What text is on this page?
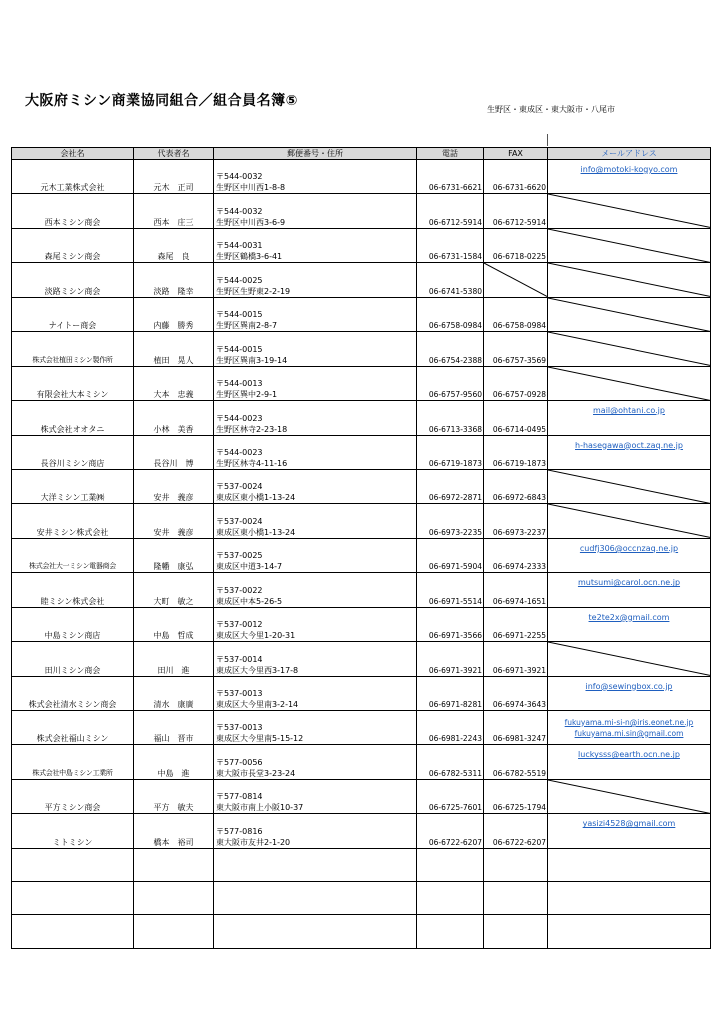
大阪府ミシン商業協同組合／組合員名簿⑤
生野区・東成区・東大阪市・八尾市
会社名	代表者名	郵便番号・住所	電話	FAX	メールアドレス
元木工業株式会社	元木　正司	〒544-0032
生野区中川西1-8-8	06-6731-6621	06-6731-6620	info@motoki-kogyo.com

西本ミシン商会	西本　庄三	〒544-0032
生野区中川西3-6-9	06-6712-5914	06-6712-5914	

森尾ミシン商会	森尾　良	〒544-0031
生野区鶴橋3-6-41	06-6731-1584	06-6718-0225	

淡路ミシン商会	淡路　隆幸	〒544-0025
生野区生野東2-2-19	06-6741-5380	

ナイトー商会	内藤　勝秀	〒544-0015
生野区巽南2-8-7	06-6758-0984	06-6758-0984	

株式会社植田ミシン製作所	植田　晃人	〒544-0015
生野区巽南3-19-14	06-6754-2388	06-6757-3569	

有限会社大本ミシン	大本　忠義	〒544-0013
生野区巽中2-9-1	06-6757-9560	06-6757-0928	

株式会社オオタニ	小林　美香	〒544-0023
生野区林寺2-23-18	06-6713-3368	06-6714-0495	mail@ohtani.co.jp

長谷川ミシン商店	長谷川　博	〒544-0023
生野区林寺4-11-16	06-6719-1873	06-6719-1873	h-hasegawa@oct.zaq.ne.jp

大洋ミシン工業㈱	安井　義彦	〒537-0024
東成区東小橋1-13-24	06-6972-2871	06-6972-6843	

安井ミシン株式会社	安井　義彦	〒537-0024
東成区東小橋1-13-24	06-6973-2235	06-6973-2237	

株式会社大一ミシン電器商会	隆幡　康弘	〒537-0025
東成区中道3-14-7	06-6971-5904	06-6974-2333	cudfj306@occnzaq.ne.jp

睦ミシン株式会社	大町　敏之	〒537-0022
東成区中本5-26-5	06-6971-5514	06-6974-1651	mutsumi@carol.ocn.ne.jp

中島ミシン商店	中島　哲成	〒537-0012
東成区大今里1-20-31	06-6971-3566	06-6971-2255	te2te2x@gmail.com

田川ミシン商会	田川　進	〒537-0014
東成区大今里西3-17-8	06-6971-3921	06-6971-3921	

株式会社清水ミシン商会	清水　康廣	〒537-0013
東成区大今里南3-2-14	06-6971-8281	06-6974-3643	info@sewingbox.co.jp

株式会社福山ミシン	福山　晋市	〒537-0013
東成区大今里南5-15-12	06-6981-2243	06-6981-3247	fukuyama.mi-si-n@iris.eonet.ne.jp
fukuyama.mi.sin@gmail.com

株式会社中島ミシン工業所	中島　進	〒577-0056
東大阪市長堂3-23-24	06-6782-5311	06-6782-5519	luckysss@earth.ocn.ne.jp

平方ミシン商会	平方　敏夫	〒577-0814
東大阪市南上小阪10-37	06-6725-7601	06-6725-1794	

ミトミシン	橋本　裕司	〒577-0816
東大阪市友井2-1-20	06-6722-6207	06-6722-6207	yasizi4528@gmail.com
